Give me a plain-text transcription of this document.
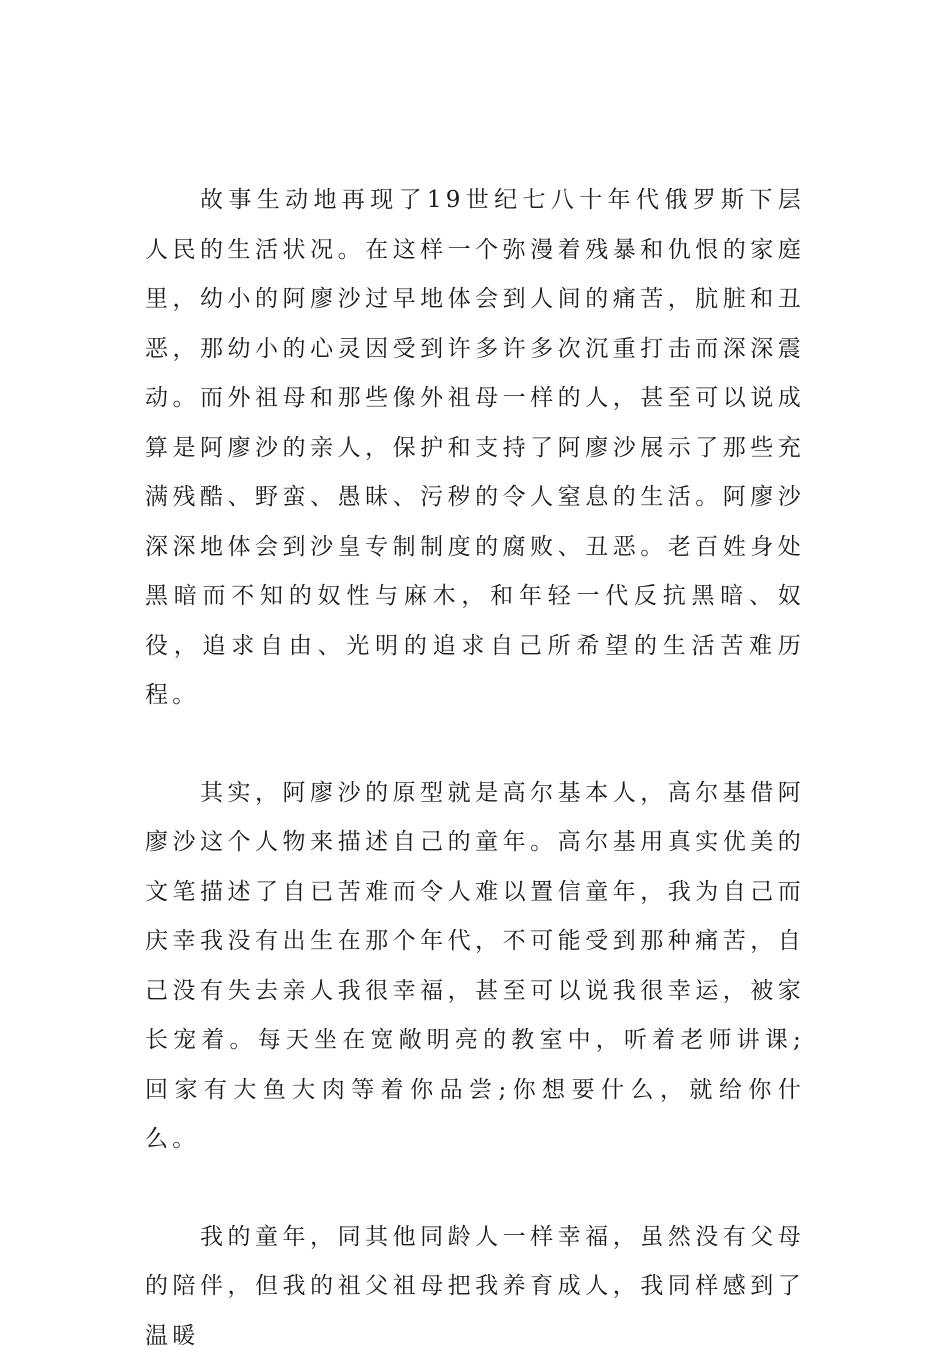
故事生动地再现了19世纪七八十年代俄罗斯下层人民的生活状况。在这样一个弥漫着残暴和仇恨的家庭里，幼小的阿廖沙过早地体会到人间的痛苦，肮脏和丑恶，那幼小的心灵因受到许多许多次沉重打击而深深震动。而外祖母和那些像外祖母一样的人，甚至可以说成算是阿廖沙的亲人，保护和支持了阿廖沙展示了那些充满残酷、野蛮、愚昧、污秽的令人窒息的生活。阿廖沙深深地体会到沙皇专制制度的腐败、丑恶。老百姓身处黑暗而不知的奴性与麻木，和年轻一代反抗黑暗、奴役，追求自由、光明的追求自己所希望的生活苦难历程。

其实，阿廖沙的原型就是高尔基本人，高尔基借阿廖沙这个人物来描述自己的童年。高尔基用真实优美的文笔描述了自已苦难而令人难以置信童年，我为自己而庆幸我没有出生在那个年代，不可能受到那种痛苦，自己没有失去亲人我很幸福，甚至可以说我很幸运，被家长宠着。每天坐在宽敞明亮的教室中，听着老师讲课;回家有大鱼大肉等着你品尝;你想要什么，就给你什么。

我的童年，同其他同龄人一样幸福，虽然没有父母的陪伴，但我的祖父祖母把我养育成人，我同样感到了温暖
